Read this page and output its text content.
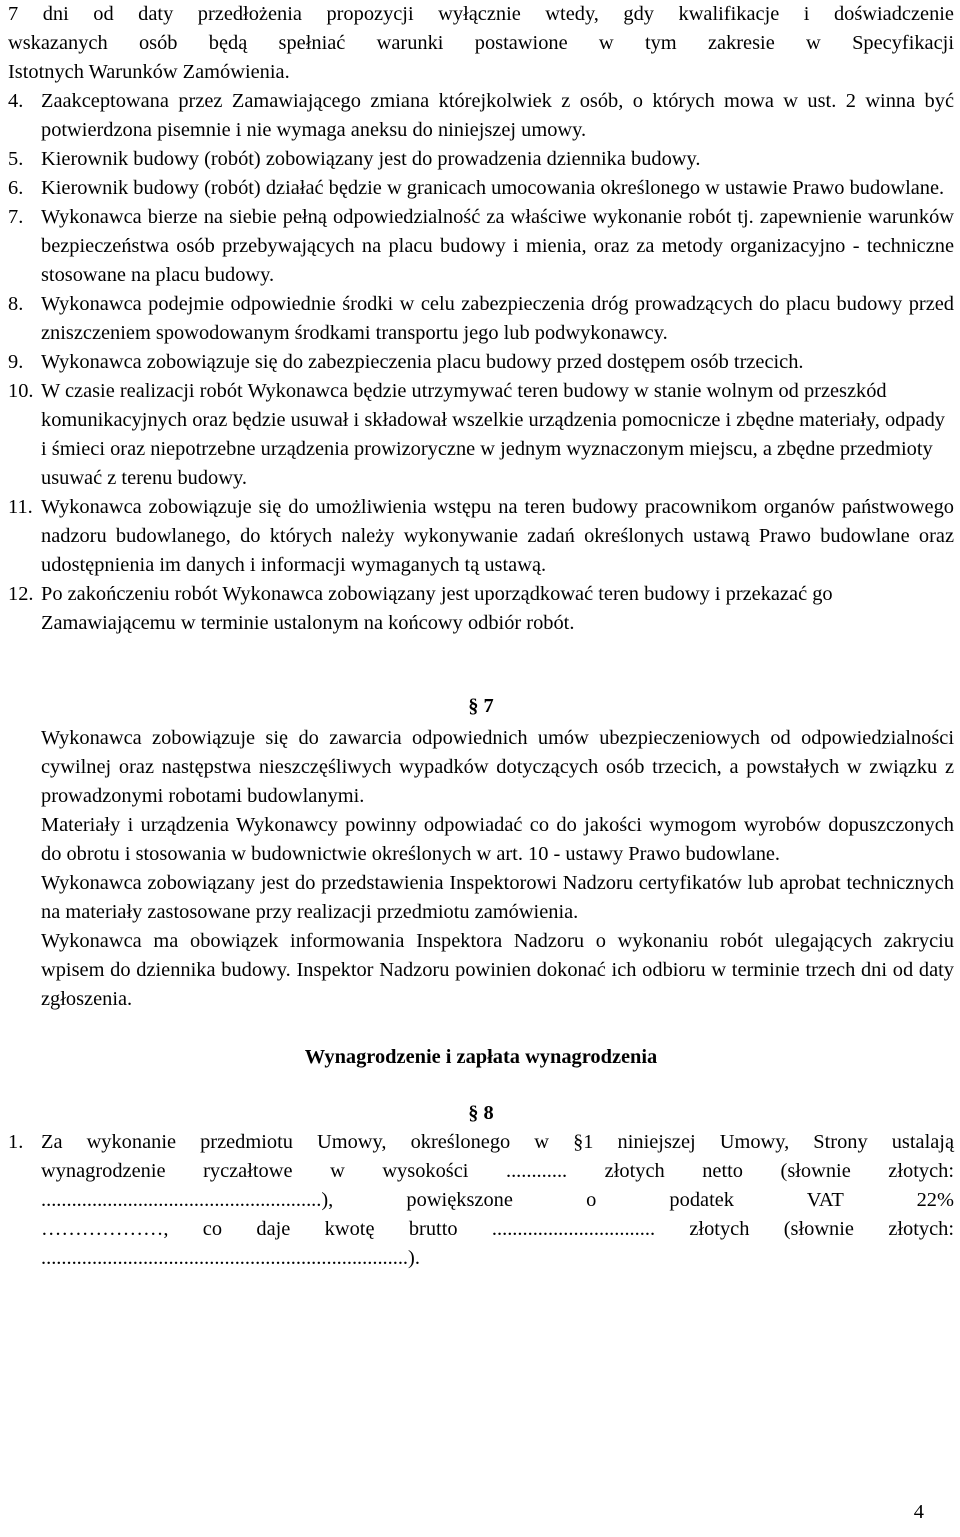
7 dni od daty przedłożenia propozycji wyłącznie wtedy, gdy kwalifikacje i doświadczenie

wskazanych osób będą spełniać warunki postawione w tym zakresie w Specyfikacji

Istotnych Warunków Zamówienia.

4. Zaakceptowana przez Zamawiającego zmiana którejkolwiek z osób, o których mowa w ust. 2 winna być potwierdzona pisemnie i nie wymaga aneksu do niniejszej umowy.
5. Kierownik budowy (robót) zobowiązany jest do prowadzenia dziennika budowy.
6. Kierownik budowy (robót) działać będzie w granicach umocowania określonego w ustawie Prawo budowlane.
7. Wykonawca bierze na siebie pełną odpowiedzialność za właściwe wykonanie robót tj. zapewnienie warunków bezpieczeństwa osób przebywających na placu budowy i mienia, oraz za metody organizacyjno - techniczne stosowane na placu budowy.
8. Wykonawca podejmie odpowiednie środki w celu zabezpieczenia dróg prowadzących do placu budowy przed zniszczeniem spowodowanym środkami transportu jego lub podwykonawcy.
9. Wykonawca zobowiązuje się do zabezpieczenia placu budowy przed dostępem osób trzecich.
10. W czasie realizacji robót Wykonawca będzie utrzymywać teren budowy w stanie wolnym od przeszkód komunikacyjnych oraz będzie usuwał i składował wszelkie urządzenia pomocnicze i zbędne materiały, odpady i śmieci oraz niepotrzebne urządzenia prowizoryczne w jednym wyznaczonym miejscu, a zbędne przedmioty usuwać z terenu budowy.
11. Wykonawca zobowiązuje się do umożliwienia wstępu na teren budowy pracownikom organów państwowego nadzoru budowlanego, do których należy wykonywanie zadań określonych ustawą Prawo budowlane oraz udostępnienia im danych i informacji wymaganych tą ustawą.
12. Po zakończeniu robót Wykonawca zobowiązany jest uporządkować teren budowy i przekazać go Zamawiającemu w terminie ustalonym na końcowy odbiór robót.

§ 7

Wykonawca zobowiązuje się do zawarcia odpowiednich umów ubezpieczeniowych od odpowiedzialności cywilnej oraz następstwa nieszczęśliwych wypadków dotyczących osób trzecich, a powstałych w związku z prowadzonymi robotami budowlanymi.

Materiały i urządzenia Wykonawcy powinny odpowiadać co do jakości wymogom wyrobów dopuszczonych do obrotu i stosowania w budownictwie określonych w art. 10 - ustawy Prawo budowlane.

Wykonawca zobowiązany jest do przedstawienia Inspektorowi Nadzoru certyfikatów lub aprobat technicznych na materiały zastosowane przy realizacji przedmiotu zamówienia.

Wykonawca ma obowiązek informowania Inspektora Nadzoru o wykonaniu robót ulegających zakryciu wpisem do dziennika budowy. Inspektor Nadzoru powinien dokonać ich odbioru w terminie trzech dni od daty zgłoszenia.

Wynagrodzenie i zapłata wynagrodzenia

§ 8

1. Za wykonanie przedmiotu Umowy, określonego w §1 niniejszej Umowy, Strony ustalają
wynagrodzenie ryczałtowe w wysokości ............ złotych netto (słownie złotych:
.......................................................), powiększone o podatek VAT 22%
………………, co daje kwotę brutto ................................ złotych (słownie złotych:
........................................................................).
4
